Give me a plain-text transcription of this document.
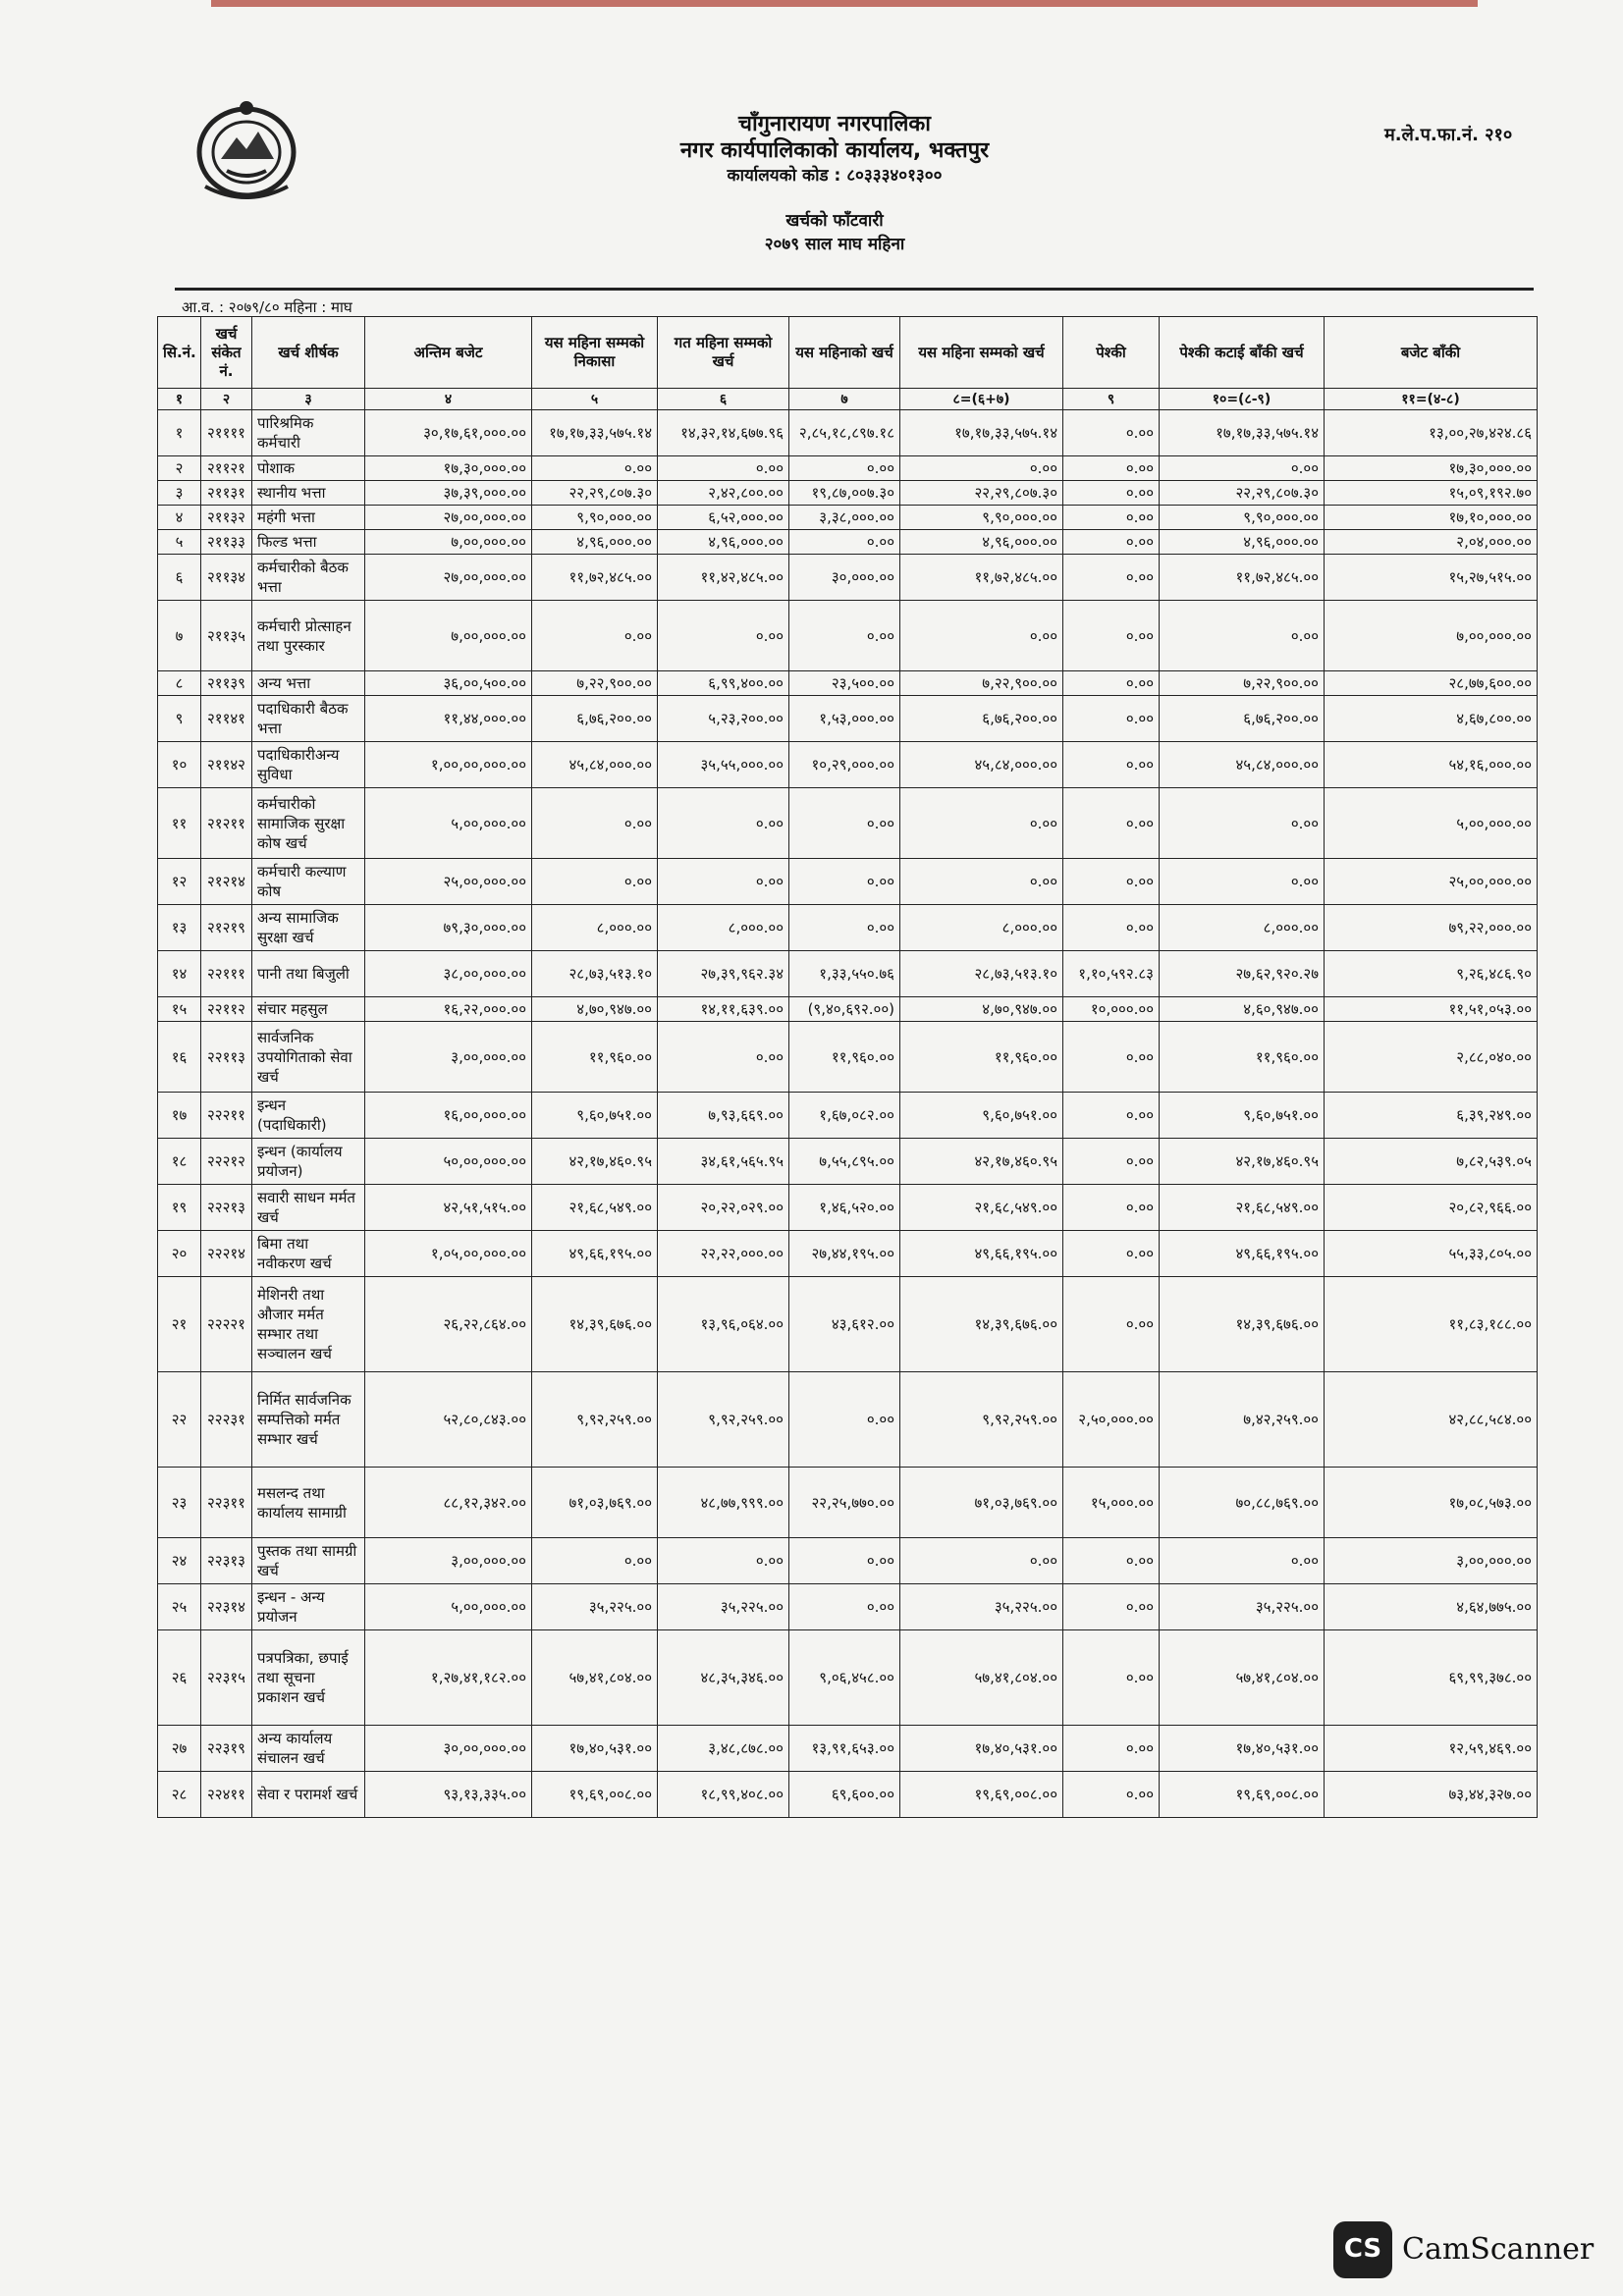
चाँगुनारायण नगरपालिका
नगर कार्यपालिकाको कार्यालय, भक्तपुर
कार्यालयको कोड : ८०३३३४०१३००
खर्चको फाँटवारी
२०७९ साल माघ महिना
म.ले.प.फा.नं. २१०
आ.व. : २०७९/८० महिना : माघ
सि.नं.	खर्च संकेत नं.	खर्च शीर्षक	अन्तिम बजेट	यस महिना सम्मको निकासा	गत महिना सम्मको खर्च	यस महिनाको खर्च	यस महिना सम्मको खर्च	पेश्की	पेश्की कटाई बाँकी खर्च	बजेट बाँकी
१	२	३	४	५	६	७	८=(६+७)	९	१०=(८-९)	११=(४-८)
१	२११११	पारिश्रमिक कर्मचारी	३०,१७,६१,०००.००	१७,१७,३३,५७५.१४	१४,३२,१४,६७७.९६	२,८५,१८,८९७.१८	१७,१७,३३,५७५.१४	०.००	१७,१७,३३,५७५.१४	१३,००,२७,४२४.८६
२	२११२१	पोशाक	१७,३०,०००.००	०.००	०.००	०.००	०.००	०.००	०.००	१७,३०,०००.००
३	२११३१	स्थानीय भत्ता	३७,३९,०००.००	२२,२९,८०७.३०	२,४२,८००.००	१९,८७,००७.३०	२२,२९,८०७.३०	०.००	२२,२९,८०७.३०	१५,०९,१९२.७०
४	२११३२	महंगी भत्ता	२७,००,०००.००	९,९०,०००.००	६,५२,०००.००	३,३८,०००.००	९,९०,०००.००	०.००	९,९०,०००.००	१७,१०,०००.००
५	२११३३	फिल्ड भत्ता	७,००,०००.००	४,९६,०००.००	४,९६,०००.००	०.००	४,९६,०००.००	०.००	४,९६,०००.००	२,०४,०००.००
६	२११३४	कर्मचारीको बैठक भत्ता	२७,००,०००.००	११,७२,४८५.००	११,४२,४८५.००	३०,०००.००	११,७२,४८५.००	०.००	११,७२,४८५.००	१५,२७,५१५.००
७	२११३५	कर्मचारी प्रोत्साहन तथा पुरस्कार	७,००,०००.००	०.००	०.००	०.००	०.००	०.००	०.००	७,००,०००.००
८	२११३९	अन्य भत्ता	३६,००,५००.००	७,२२,९००.००	६,९९,४००.००	२३,५००.००	७,२२,९००.००	०.००	७,२२,९००.००	२८,७७,६००.००
९	२११४१	पदाधिकारी बैठक भत्ता	११,४४,०००.००	६,७६,२००.००	५,२३,२००.००	१,५३,०००.००	६,७६,२००.००	०.००	६,७६,२००.००	४,६७,८००.००
१०	२११४२	पदाधिकारीअन्य सुविधा	१,००,००,०००.००	४५,८४,०००.००	३५,५५,०००.००	१०,२९,०००.००	४५,८४,०००.००	०.००	४५,८४,०००.००	५४,१६,०००.००
११	२१२११	कर्मचारीको सामाजिक सुरक्षा कोष खर्च	५,००,०००.००	०.००	०.००	०.००	०.००	०.००	०.००	५,००,०००.००
१२	२१२१४	कर्मचारी कल्याण कोष	२५,००,०००.००	०.००	०.००	०.००	०.००	०.००	०.००	२५,००,०००.००
१३	२१२१९	अन्य सामाजिक सुरक्षा खर्च	७९,३०,०००.००	८,०००.००	८,०००.००	०.००	८,०००.००	०.००	८,०००.००	७९,२२,०००.००
१४	२२१११	पानी तथा बिजुली	३८,००,०००.००	२८,७३,५१३.१०	२७,३९,९६२.३४	१,३३,५५०.७६	२८,७३,५१३.१०	१,१०,५९२.८३	२७,६२,९२०.२७	९,२६,४८६.९०
१५	२२११२	संचार महसुल	१६,२२,०००.००	४,७०,९४७.००	१४,११,६३९.००	(९,४०,६९२.००)	४,७०,९४७.००	१०,०००.००	४,६०,९४७.००	११,५१,०५३.००
१६	२२११३	सार्वजनिक उपयोगिताको सेवा खर्च	३,००,०००.००	११,९६०.००	०.००	११,९६०.००	११,९६०.००	०.००	११,९६०.००	२,८८,०४०.००
१७	२२२११	इन्धन (पदाधिकारी)	१६,००,०००.००	९,६०,७५१.००	७,९३,६६९.००	१,६७,०८२.००	९,६०,७५१.००	०.००	९,६०,७५१.००	६,३९,२४९.००
१८	२२२१२	इन्धन (कार्यालय प्रयोजन)	५०,००,०००.००	४२,१७,४६०.९५	३४,६१,५६५.९५	७,५५,८९५.००	४२,१७,४६०.९५	०.००	४२,१७,४६०.९५	७,८२,५३९.०५
१९	२२२१३	सवारी साधन मर्मत खर्च	४२,५१,५१५.००	२१,६८,५४९.००	२०,२२,०२९.००	१,४६,५२०.००	२१,६८,५४९.००	०.००	२१,६८,५४९.००	२०,८२,९६६.००
२०	२२२१४	बिमा तथा नवीकरण खर्च	१,०५,००,०००.००	४९,६६,१९५.००	२२,२२,०००.००	२७,४४,१९५.००	४९,६६,१९५.००	०.००	४९,६६,१९५.००	५५,३३,८०५.००
२१	२२२२१	मेशिनरी तथा औजार मर्मत सम्भार तथा सञ्चालन खर्च	२६,२२,८६४.००	१४,३९,६७६.००	१३,९६,०६४.००	४३,६१२.००	१४,३९,६७६.००	०.००	१४,३९,६७६.००	११,८३,१८८.००
२२	२२२३१	निर्मित सार्वजनिक सम्पत्तिको मर्मत सम्भार खर्च	५२,८०,८४३.००	९,९२,२५९.००	९,९२,२५९.००	०.००	९,९२,२५९.००	२,५०,०००.००	७,४२,२५९.००	४२,८८,५८४.००
२३	२२३११	मसलन्द तथा कार्यालय सामाग्री	८८,१२,३४२.००	७१,०३,७६९.००	४८,७७,९९९.००	२२,२५,७७०.००	७१,०३,७६९.००	१५,०००.००	७०,८८,७६९.००	१७,०८,५७३.००
२४	२२३१३	पुस्तक तथा सामग्री खर्च	३,००,०००.००	०.००	०.००	०.००	०.००	०.००	०.००	३,००,०००.००
२५	२२३१४	इन्धन - अन्य प्रयोजन	५,००,०००.००	३५,२२५.००	३५,२२५.००	०.००	३५,२२५.००	०.००	३५,२२५.००	४,६४,७७५.००
२६	२२३१५	पत्रपत्रिका, छपाई तथा सूचना प्रकाशन खर्च	१,२७,४१,१८२.००	५७,४१,८०४.००	४८,३५,३४६.००	९,०६,४५८.००	५७,४१,८०४.००	०.००	५७,४१,८०४.००	६९,९९,३७८.००
२७	२२३१९	अन्य कार्यालय संचालन खर्च	३०,००,०००.००	१७,४०,५३१.००	३,४८,८७८.००	१३,९१,६५३.००	१७,४०,५३१.००	०.००	१७,४०,५३१.००	१२,५९,४६९.००
२८	२२४११	सेवा र परामर्श खर्च	९३,१३,३३५.००	१९,६९,००८.००	१८,९९,४०८.००	६९,६००.००	१९,६९,००८.००	०.००	१९,६९,००८.००	७३,४४,३२७.००
CS CamScanner
